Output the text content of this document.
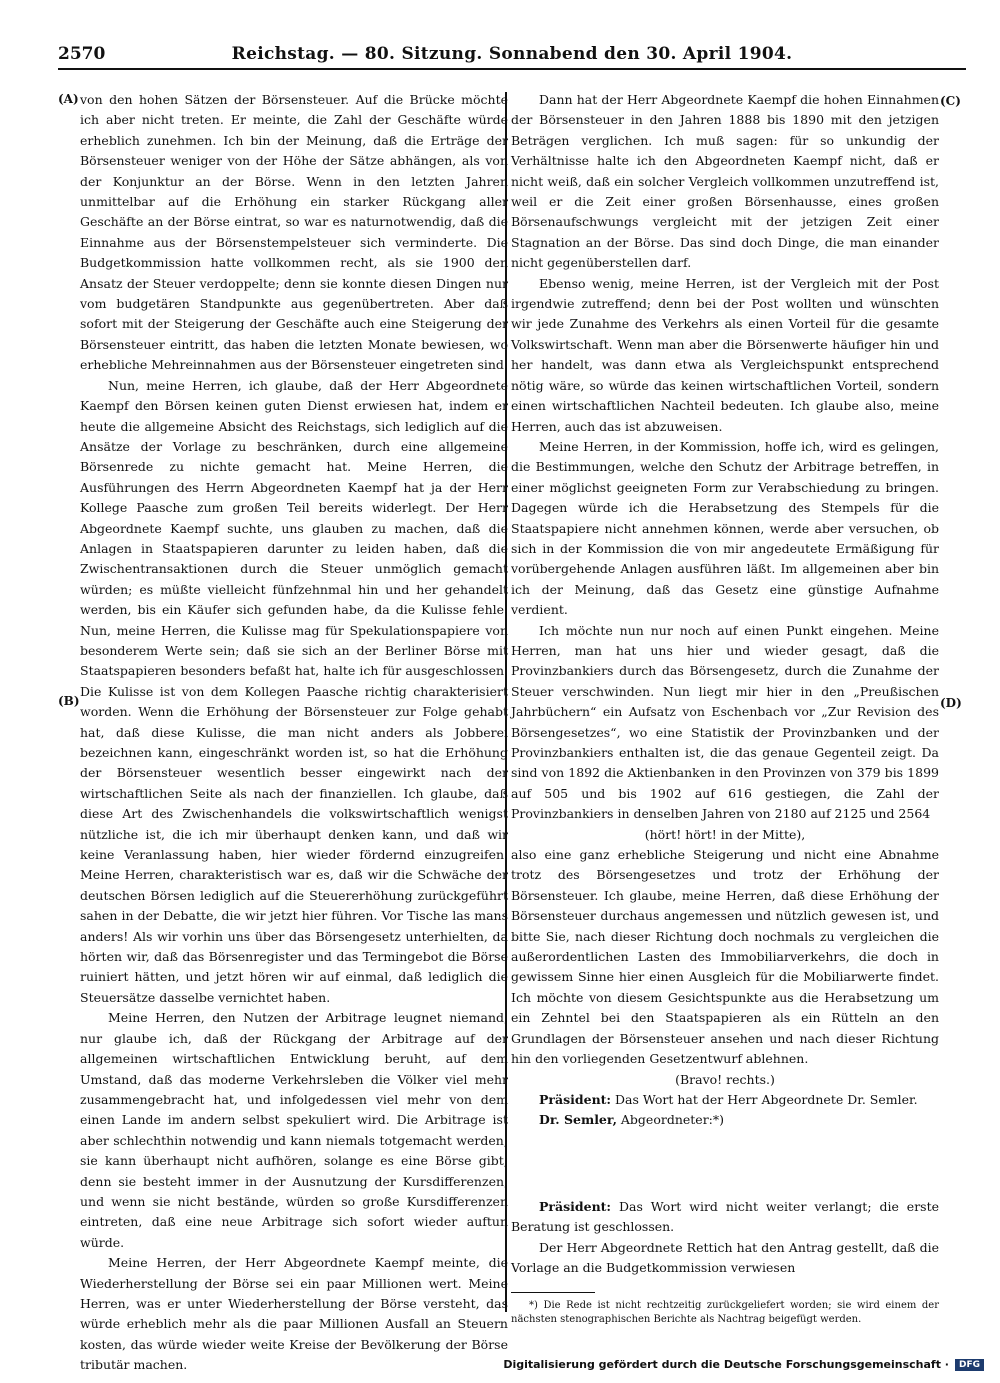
2570	Reichstag. — 80. Sitzung. Sonnabend den 30. April 1904.
(A)
(B)
(C)
(D)

von den hohen Sätzen der Börsensteuer. Auf die Brücke möchte ich aber nicht treten. Er meinte, die Zahl der Geschäfte würde erheblich zunehmen. Ich bin der Meinung, daß die Erträge der Börsensteuer weniger von der Höhe der Sätze abhängen, als von der Konjunktur an der Börse. Wenn in den letzten Jahren unmittelbar auf die Erhöhung ein starker Rückgang aller Geschäfte an der Börse eintrat, so war es naturnotwendig, daß die Einnahme aus der Börsenstempelsteuer sich verminderte. Die Budgetkommission hatte vollkommen recht, als sie 1900 den Ansatz der Steuer verdoppelte; denn sie konnte diesen Dingen nur vom budgetären Standpunkte aus gegenübertreten. Aber daß sofort mit der Steigerung der Geschäfte auch eine Steigerung der Börsensteuer eintritt, das haben die letzten Monate bewiesen, wo erhebliche Mehreinnahmen aus der Börsensteuer eingetreten sind.

Nun, meine Herren, ich glaube, daß der Herr Abgeordnete Kaempf den Börsen keinen guten Dienst erwiesen hat, indem er heute die allgemeine Absicht des Reichstags, sich lediglich auf die Ansätze der Vorlage zu beschränken, durch eine allgemeine Börsenrede zu nichte gemacht hat. Meine Herren, die Ausführungen des Herrn Abgeordneten Kaempf hat ja der Herr Kollege Paasche zum großen Teil bereits widerlegt. Der Herr Abgeordnete Kaempf suchte, uns glauben zu machen, daß die Anlagen in Staatspapieren darunter zu leiden haben, daß die Zwischentransaktionen durch die Steuer unmöglich gemacht würden; es müßte vielleicht fünfzehnmal hin und her gehandelt werden, bis ein Käufer sich gefunden habe, da die Kulisse fehle. Nun, meine Herren, die Kulisse mag für Spekulationspapiere von besonderem Werte sein; daß sie sich an der Berliner Börse mit Staatspapieren besonders befaßt hat, halte ich für ausgeschlossen. Die Kulisse ist von dem Kollegen Paasche richtig charakterisiert worden. Wenn die Erhöhung der Börsensteuer zur Folge gehabt hat, daß diese Kulisse, die man nicht anders als Jobberei bezeichnen kann, eingeschränkt worden ist, so hat die Erhöhung der Börsensteuer wesentlich besser eingewirkt nach der wirtschaftlichen Seite als nach der finanziellen. Ich glaube, daß diese Art des Zwischenhandels die volkswirtschaftlich wenigst nützliche ist, die ich mir überhaupt denken kann, und daß wir keine Veranlassung haben, hier wieder fördernd einzugreifen. Meine Herren, charakteristisch war es, daß wir die Schwäche der deutschen Börsen lediglich auf die Steuererhöhung zurückgeführt sahen in der Debatte, die wir jetzt hier führen. Vor Tische las mans anders! Als wir vorhin uns über das Börsengesetz unterhielten, da hörten wir, daß das Börsenregister und das Termingebot die Börse ruiniert hätten, und jetzt hören wir auf einmal, daß lediglich die Steuersätze dasselbe vernichtet haben.

Meine Herren, den Nutzen der Arbitrage leugnet niemand, nur glaube ich, daß der Rückgang der Arbitrage auf der allgemeinen wirtschaftlichen Entwicklung beruht, auf dem Umstand, daß das moderne Verkehrsleben die Völker viel mehr zusammengebracht hat, und infolgedessen viel mehr von dem einen Lande im andern selbst spekuliert wird. Die Arbitrage ist aber schlechthin notwendig und kann niemals totgemacht werden; sie kann überhaupt nicht aufhören, solange es eine Börse gibt; denn sie besteht immer in der Ausnutzung der Kursdifferenzen, und wenn sie nicht bestände, würden so große Kursdifferenzen eintreten, daß eine neue Arbitrage sich sofort wieder auftun würde.

Meine Herren, der Herr Abgeordnete Kaempf meinte, die Wiederherstellung der Börse sei ein paar Millionen wert. Meine Herren, was er unter Wiederherstellung der Börse versteht, das würde erheblich mehr als die paar Millionen Ausfall an Steuern kosten, das würde wieder weite Kreise der Bevölkerung der Börse tributär machen.

Dann hat der Herr Abgeordnete Kaempf die hohen Einnahmen der Börsensteuer in den Jahren 1888 bis 1890 mit den jetzigen Beträgen verglichen. Ich muß sagen: für so unkundig der Verhältnisse halte ich den Abgeordneten Kaempf nicht, daß er nicht weiß, daß ein solcher Vergleich vollkommen unzutreffend ist, weil er die Zeit einer großen Börsenhausse, eines großen Börsenaufschwungs vergleicht mit der jetzigen Zeit einer Stagnation an der Börse. Das sind doch Dinge, die man einander nicht gegenüberstellen darf.

Ebenso wenig, meine Herren, ist der Vergleich mit der Post irgendwie zutreffend; denn bei der Post wollten und wünschten wir jede Zunahme des Verkehrs als einen Vorteil für die gesamte Volkswirtschaft. Wenn man aber die Börsenwerte häufiger hin und her handelt, was dann etwa als Vergleichspunkt entsprechend nötig wäre, so würde das keinen wirtschaftlichen Vorteil, sondern einen wirtschaftlichen Nachteil bedeuten. Ich glaube also, meine Herren, auch das ist abzuweisen.

Meine Herren, in der Kommission, hoffe ich, wird es gelingen, die Bestimmungen, welche den Schutz der Arbitrage betreffen, in einer möglichst geeigneten Form zur Verabschiedung zu bringen. Dagegen würde ich die Herabsetzung des Stempels für die Staatspapiere nicht annehmen können, werde aber versuchen, ob sich in der Kommission die von mir angedeutete Ermäßigung für vorübergehende Anlagen ausführen läßt. Im allgemeinen aber bin ich der Meinung, daß das Gesetz eine günstige Aufnahme verdient.

Ich möchte nun nur noch auf einen Punkt eingehen. Meine Herren, man hat uns hier und wieder gesagt, daß die Provinzbankiers durch das Börsengesetz, durch die Zunahme der Steuer verschwinden. Nun liegt mir hier in den „Preußischen Jahrbüchern“ ein Aufsatz von Eschenbach vor „Zur Revision des Börsengesetzes“, wo eine Statistik der Provinzbanken und der Provinzbankiers enthalten ist, die das genaue Gegenteil zeigt. Da sind von 1892 die Aktienbanken in den Provinzen von 379 bis 1899 auf 505 und bis 1902 auf 616 gestiegen, die Zahl der Provinzbankiers in denselben Jahren von 2180 auf 2125 und 2564

(hört! hört! in der Mitte),

also eine ganz erhebliche Steigerung und nicht eine Abnahme trotz des Börsengesetzes und trotz der Erhöhung der Börsensteuer. Ich glaube, meine Herren, daß diese Erhöhung der Börsensteuer durchaus angemessen und nützlich gewesen ist, und bitte Sie, nach dieser Richtung doch nochmals zu vergleichen die außerordentlichen Lasten des Immobiliarverkehrs, die doch in gewissem Sinne hier einen Ausgleich für die Mobiliarwerte findet. Ich möchte von diesem Gesichtspunkte aus die Herabsetzung um ein Zehntel bei den Staatspapieren als ein Rütteln an den Grundlagen der Börsensteuer ansehen und nach dieser Richtung hin den vorliegenden Gesetzentwurf ablehnen.

(Bravo! rechts.)

Präsident: Das Wort hat der Herr Abgeordnete Dr. Semler.

Dr. Semler, Abgeordneter:*)

Präsident: Das Wort wird nicht weiter verlangt; die erste Beratung ist geschlossen.

Der Herr Abgeordnete Rettich hat den Antrag gestellt, daß die Vorlage an die Budgetkommission verwiesen

*) Die Rede ist nicht rechtzeitig zurückgeliefert worden; sie wird einem der nächsten stenographischen Berichte als Nachtrag beigefügt werden.

Digitalisierung gefördert durch die Deutsche Forschungsgemeinschaft ·	DFG
